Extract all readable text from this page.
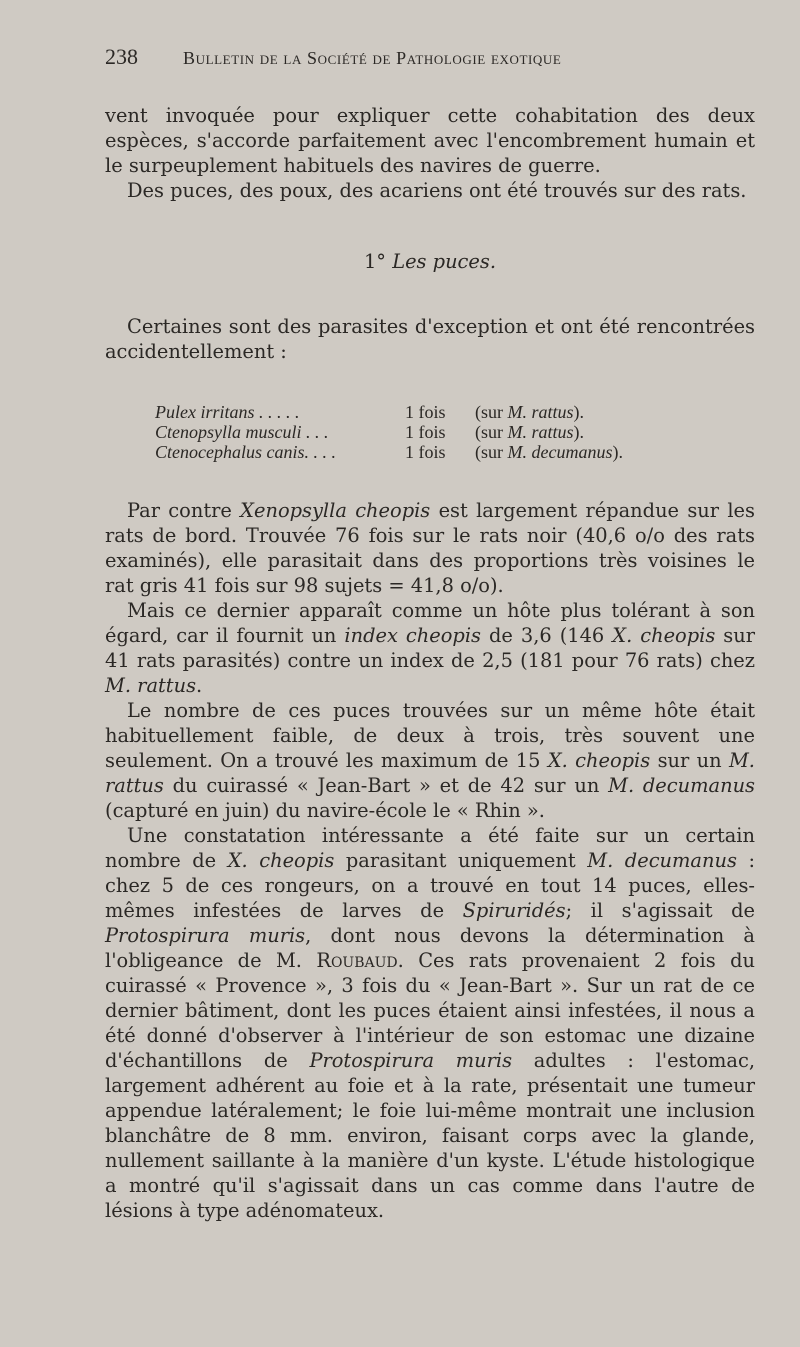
238	Bulletin de la Société de Pathologie exotique

vent invoquée pour expliquer cette cohabitation des deux espèces, s'accorde parfaitement avec l'encombrement humain et le surpeuplement habituels des navires de guerre.

Des puces, des poux, des acariens ont été trouvés sur des rats.

1° Les puces.

Certaines sont des parasites d'exception et ont été rencontrées accidentellement :

Pulex irritans . . . . .	1 fois	(sur M. rattus).
Ctenopsylla musculi . . .	1 fois	(sur M. rattus).
Ctenocephalus canis. . . .	1 fois	(sur M. decumanus).

Par contre Xenopsylla cheopis est largement répandue sur les rats de bord. Trouvée 76 fois sur le rats noir (40,6 o/o des rats examinés), elle parasitait dans des proportions très voisines le rat gris 41 fois sur 98 sujets = 41,8 o/o).

Mais ce dernier apparaît comme un hôte plus tolérant à son égard, car il fournit un index cheopis de 3,6 (146 X. cheopis sur 41 rats parasités) contre un index de 2,5 (181 pour 76 rats) chez M. rattus.

Le nombre de ces puces trouvées sur un même hôte était habituellement faible, de deux à trois, très souvent une seulement. On a trouvé les maximum de 15 X. cheopis sur un M. rattus du cuirassé « Jean-Bart » et de 42 sur un M. decumanus (capturé en juin) du navire-école le « Rhin ».

Une constatation intéressante a été faite sur un certain nombre de X. cheopis parasitant uniquement M. decumanus : chez 5 de ces rongeurs, on a trouvé en tout 14 puces, elles-mêmes infestées de larves de Spiruridés; il s'agissait de Protospirura muris, dont nous devons la détermination à l'obligeance de M. Roubaud. Ces rats provenaient 2 fois du cuirassé « Provence », 3 fois du « Jean-Bart ». Sur un rat de ce dernier bâtiment, dont les puces étaient ainsi infestées, il nous a été donné d'observer à l'intérieur de son estomac une dizaine d'échantillons de Protospirura muris adultes : l'estomac, largement adhérent au foie et à la rate, présentait une tumeur appendue latéralement; le foie lui-même montrait une inclusion blanchâtre de 8 mm. environ, faisant corps avec la glande, nullement saillante à la manière d'un kyste. L'étude histologique a montré qu'il s'agissait dans un cas comme dans l'autre de lésions à type adénomateux.
